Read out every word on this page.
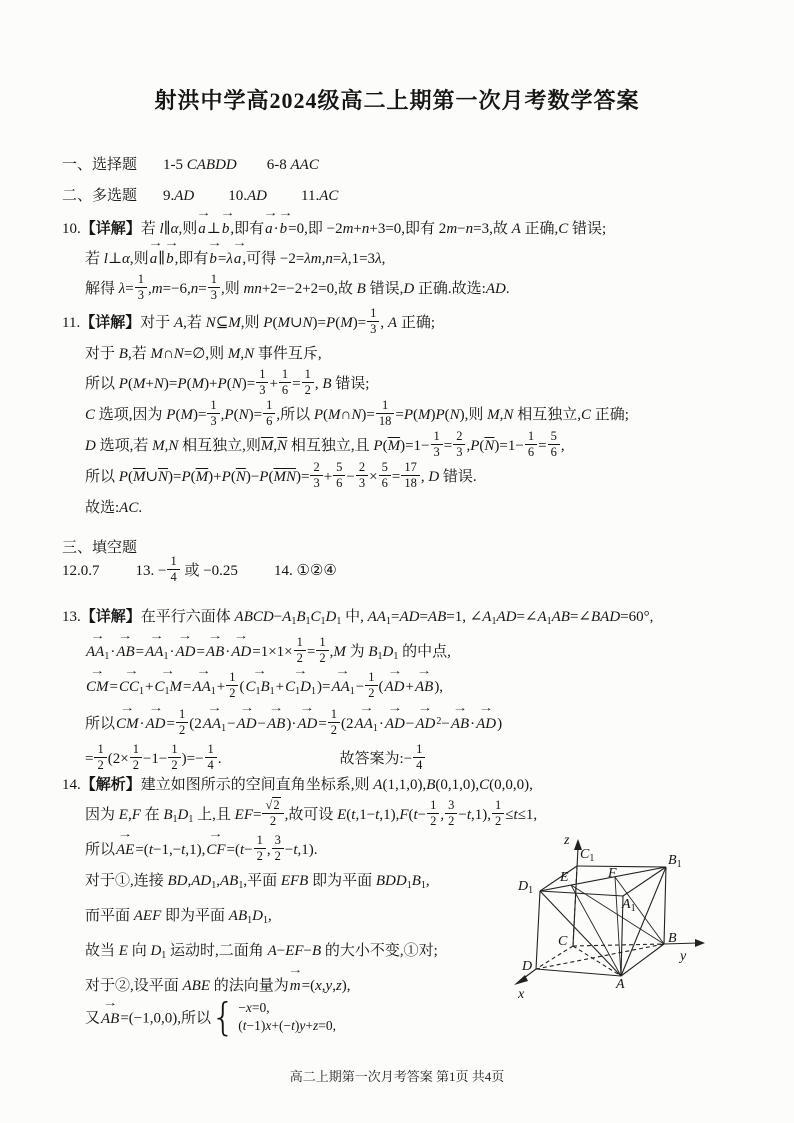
射洪中学高2024级高二上期第一次月考数学答案
一、选择题 1-5 CABDD 6-8 AAC
二、多选题 9.AD 10.AD 11.AC
10.【详解】若 l∥α,则
→
a⊥
→
b,即有
→
a·
→
b=0,即 −2m+n+3=0,即有 2m−n=3,故 A 正确,C 错误;
若 l⊥α,则
→
a∥
→
b,即有
→
b=λ
→
a,可得 −2=λm,n=λ,1=3λ,
解得 $\lambda= \frac{1}{3} ,m=-6,n= \frac{1}{3}$ ,则 mn+2=−2+2=0,故 B 错误,D 正确.故选:AD.
11.【详解】对于 A,若 N⊆M,则 P(M∪N)=P(M)= $\frac{1}{3}$ , A 正确;
对于 B,若 M∩N=∅,则 M,N 事件互斥,
所以 $P(M+N)=P(M)+P(N)= \frac{1}{3} + \frac{1}{6} = \frac{1}{2}$ , B 错误;
C 选项,因为 $P(M)= \frac{1}{3} ,P(N)= \frac{1}{6}$ ,所以 P(M∩N)= $\frac{1}{18} =P(M)P(N)$,则 M,N 相互独立,C 正确;
D 选项,若 M,N 相互独立,则$\overline{M},\overline{N}$ 相互独立,且 $P(\overline{M})=1- \frac{1}{3} = \frac{2}{3} ,P(\overline{N})=1- \frac{1}{6} = \frac{5}{6}$ ,
所以 $P(\overline{M}\cup\overline{N})=P(\overline{M})+P(\overline{N})-P(\overline{MN})= \frac{2}{3} + \frac{5}{6} - \frac{2}{3} \times \frac{5}{6} = \frac{17}{18}$ , D 错误.
故选:AC.
三、填空题
12.0.7 13. − $\frac{1}{4}$ 或 −0.25 14. ①②④
13.【详解】在平行六面体 $ABCD-A_1B_1C_1D_1$ 中, $AA_1=AD=AB=1$, $\angle A_1AD=\angle A_1AB=\angle BAD=60^\circ$,
→
$AA_1\cdot$
→
AB=
→
$AA_1\cdot$
→
AD=
→
AB·
→
$AD=1\times 1\times \frac{1}{2} = \frac{1}{2} ,M$ 为 $B_1D_1$ 的中点,
→
CM=
→
$CC_1+$
→
$C_1M=$
→
$AA_1+ \frac{1}{2}$ (
→
$C_1B_1+$
→
$C_1D_1)=$
→
$AA_1- \frac{1}{2}$ (
→
AD+
→
AB),
所以
→
CM·
→
$AD= \frac{1}{2} (2$
→
$AA_1-$
→
AD−
→
AB)·
→
$AD= \frac{1}{2} (2$
→
$AA_1\cdot$
→
AD−
→
$AD^2-$
→
AB·
→
AD)
= $\frac{1}{2} (2\times \frac{1}{2} -1- \frac{1}{2}$ )=− $\frac{1}{4}$ .	故答案为:− $\frac{1}{4}$
14.【解析】建立如图所示的空间直角坐标系,则 A(1,1,0),B(0,1,0),C(0,0,0),
因为 E,F 在 $B_1D_1$ 上,且 $EF= \frac{√2}{2}$ ,故可设 $E(t,1-t,1),F(t- \frac{1}{2}$ , $\frac{3}{2} -t,1$), $\frac{1}{2} \le t\le 1$,
所以
→
AE=(t−1,−t,1),
→
$CF=(t- \frac{1}{2}$ , $\frac{3}{2} -t,1$).
对于①,连接 $BD,AD_1,AB_1$,平面 EFB 即为平面 $BDD_1B_1$,
而平面 AEF 即为平面 $AB_1D_1$,
故当 E 向 $D_1$ 运动时,二面角 A−EF−B 的大小不变,①对;
对于②,设平面 ABE 的法向量为
→
m=(x,y,z),
又
→
AB=(−1,0,0),所以 { −x=0,
(t−1)x+(−t)y+z=0,
z
$C_1$	$B_1$
$D_1$
$A_1$
E	F
C	B
D
A
x
y
高二上期第一次月考答案 第1页 共4页
